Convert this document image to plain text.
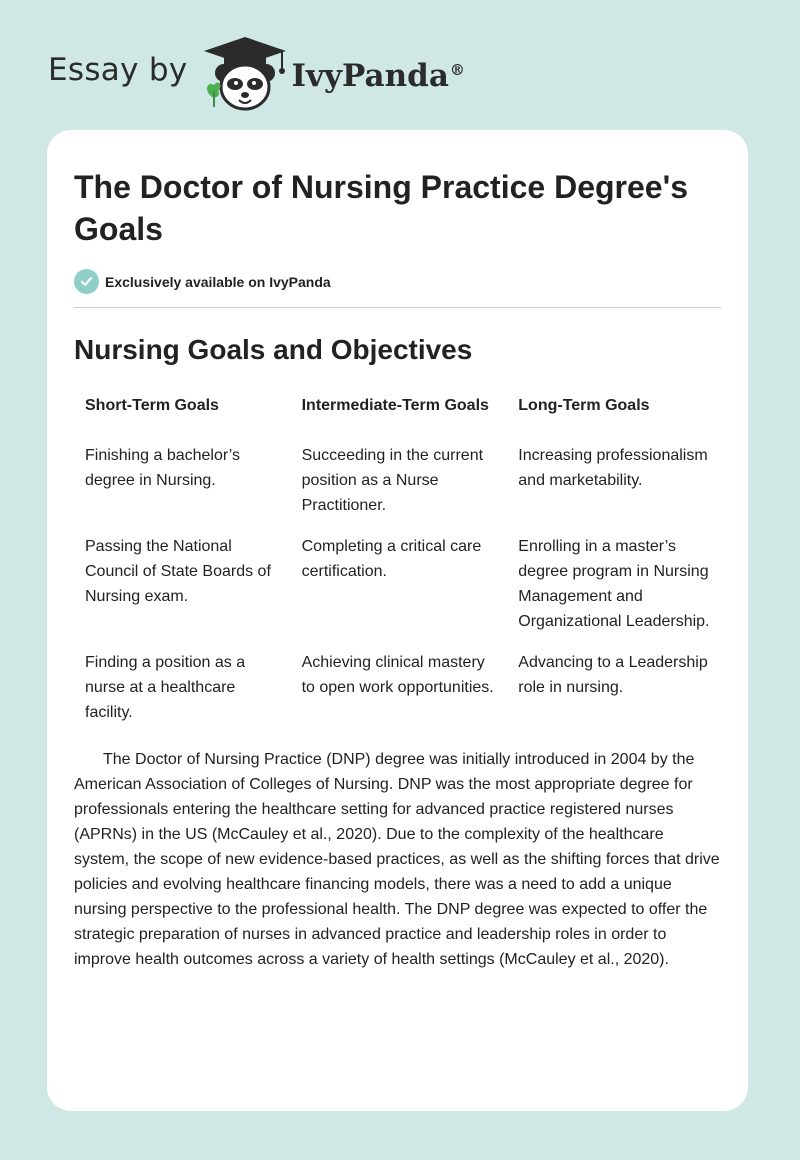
Essay by	IvyPanda®
The Doctor of Nursing Practice Degree's Goals
Exclusively available on IvyPanda
Nursing Goals and Objectives
Short-Term Goals	Intermediate-Term Goals	Long-Term Goals
Finishing a bachelor’s degree in Nursing.	Succeeding in the current position as a Nurse Practitioner.	Increasing professionalism and marketability.
Passing the National Council of State Boards of Nursing exam.	Completing a critical care certification.	Enrolling in a master’s degree program in Nursing Management and Organizational Leadership.
Finding a position as a nurse at a healthcare facility.	Achieving clinical mastery to open work opportunities.	Advancing to a Leadership role in nursing.

The Doctor of Nursing Practice (DNP) degree was initially introduced in 2004 by the American Association of Colleges of Nursing. DNP was the most appropriate degree for professionals entering the healthcare setting for advanced practice registered nurses (APRNs) in the US (McCauley et al., 2020). Due to the complexity of the healthcare system, the scope of new evidence-based practices, as well as the shifting forces that drive policies and evolving healthcare financing models, there was a need to add a unique nursing perspective to the professional health. The DNP degree was expected to offer the strategic preparation of nurses in advanced practice and leadership roles in order to improve health outcomes across a variety of health settings (McCauley et al., 2020).
